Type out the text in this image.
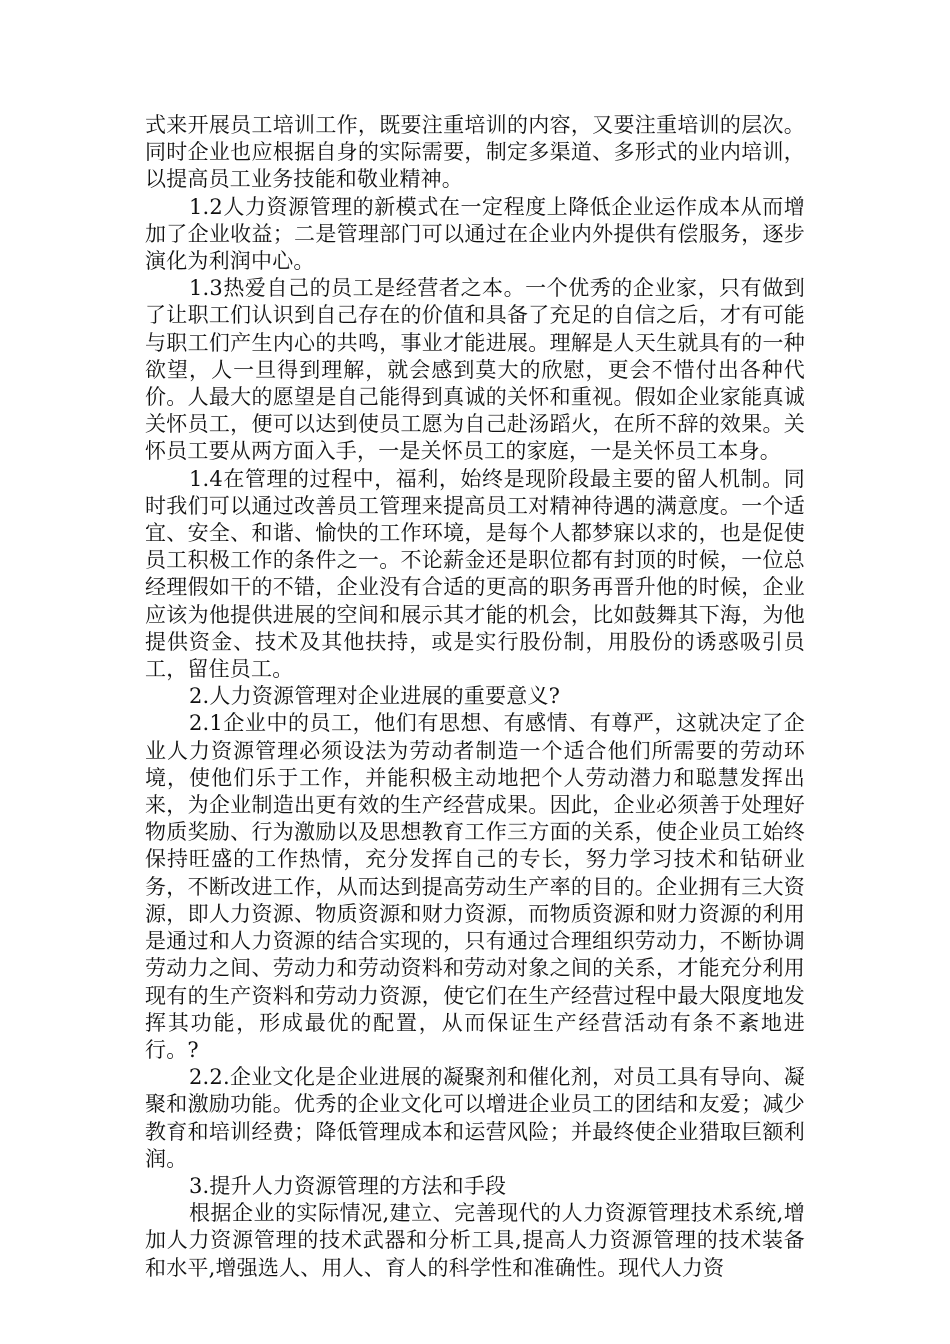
式来开展员工培训工作，既要注重培训的内容，又要注重培训的层次。同时企业也应根据自身的实际需要，制定多渠道、多形式的业内培训，以提高员工业务技能和敬业精神。

1.2人力资源管理的新模式在一定程度上降低企业运作成本从而增加了企业收益；二是管理部门可以通过在企业内外提供有偿服务，逐步演化为利润中心。

1.3热爱自己的员工是经营者之本。一个优秀的企业家，只有做到了让职工们认识到自己存在的价值和具备了充足的自信之后，才有可能与职工们产生内心的共鸣，事业才能进展。理解是人天生就具有的一种欲望，人一旦得到理解，就会感到莫大的欣慰，更会不惜付出各种代价。人最大的愿望是自己能得到真诚的关怀和重视。假如企业家能真诚关怀员工，便可以达到使员工愿为自己赴汤蹈火，在所不辞的效果。关怀员工要从两方面入手，一是关怀员工的家庭，一是关怀员工本身。

1.4在管理的过程中，福利，始终是现阶段最主要的留人机制。同时我们可以通过改善员工管理来提高员工对精神待遇的满意度。一个适宜、安全、和谐、愉快的工作环境，是每个人都梦寐以求的，也是促使员工积极工作的条件之一。不论薪金还是职位都有封顶的时候，一位总经理假如干的不错，企业没有合适的更高的职务再晋升他的时候，企业应该为他提供进展的空间和展示其才能的机会，比如鼓舞其下海，为他提供资金、技术及其他扶持，或是实行股份制，用股份的诱惑吸引员工，留住员工。

2.人力资源管理对企业进展的重要意义?

2.1企业中的员工，他们有思想、有感情、有尊严，这就决定了企业人力资源管理必须设法为劳动者制造一个适合他们所需要的劳动环境，使他们乐于工作，并能积极主动地把个人劳动潜力和聪慧发挥出来，为企业制造出更有效的生产经营成果。因此，企业必须善于处理好物质奖励、行为激励以及思想教育工作三方面的关系，使企业员工始终保持旺盛的工作热情，充分发挥自己的专长，努力学习技术和钻研业务，不断改进工作，从而达到提高劳动生产率的目的。企业拥有三大资源，即人力资源、物质资源和财力资源，而物质资源和财力资源的利用是通过和人力资源的结合实现的，只有通过合理组织劳动力，不断协调劳动力之间、劳动力和劳动资料和劳动对象之间的关系，才能充分利用现有的生产资料和劳动力资源，使它们在生产经营过程中最大限度地发挥其功能，形成最优的配置，从而保证生产经营活动有条不紊地进行。?

2.2.企业文化是企业进展的凝聚剂和催化剂，对员工具有导向、凝聚和激励功能。优秀的企业文化可以增进企业员工的团结和友爱；减少教育和培训经费；降低管理成本和运营风险；并最终使企业猎取巨额利润。

3.提升人力资源管理的方法和手段

根据企业的实际情况,建立、完善现代的人力资源管理技术系统,增加人力资源管理的技术武器和分析工具,提高人力资源管理的技术装备和水平,增强选人、用人、育人的科学性和准确性。现代人力资
